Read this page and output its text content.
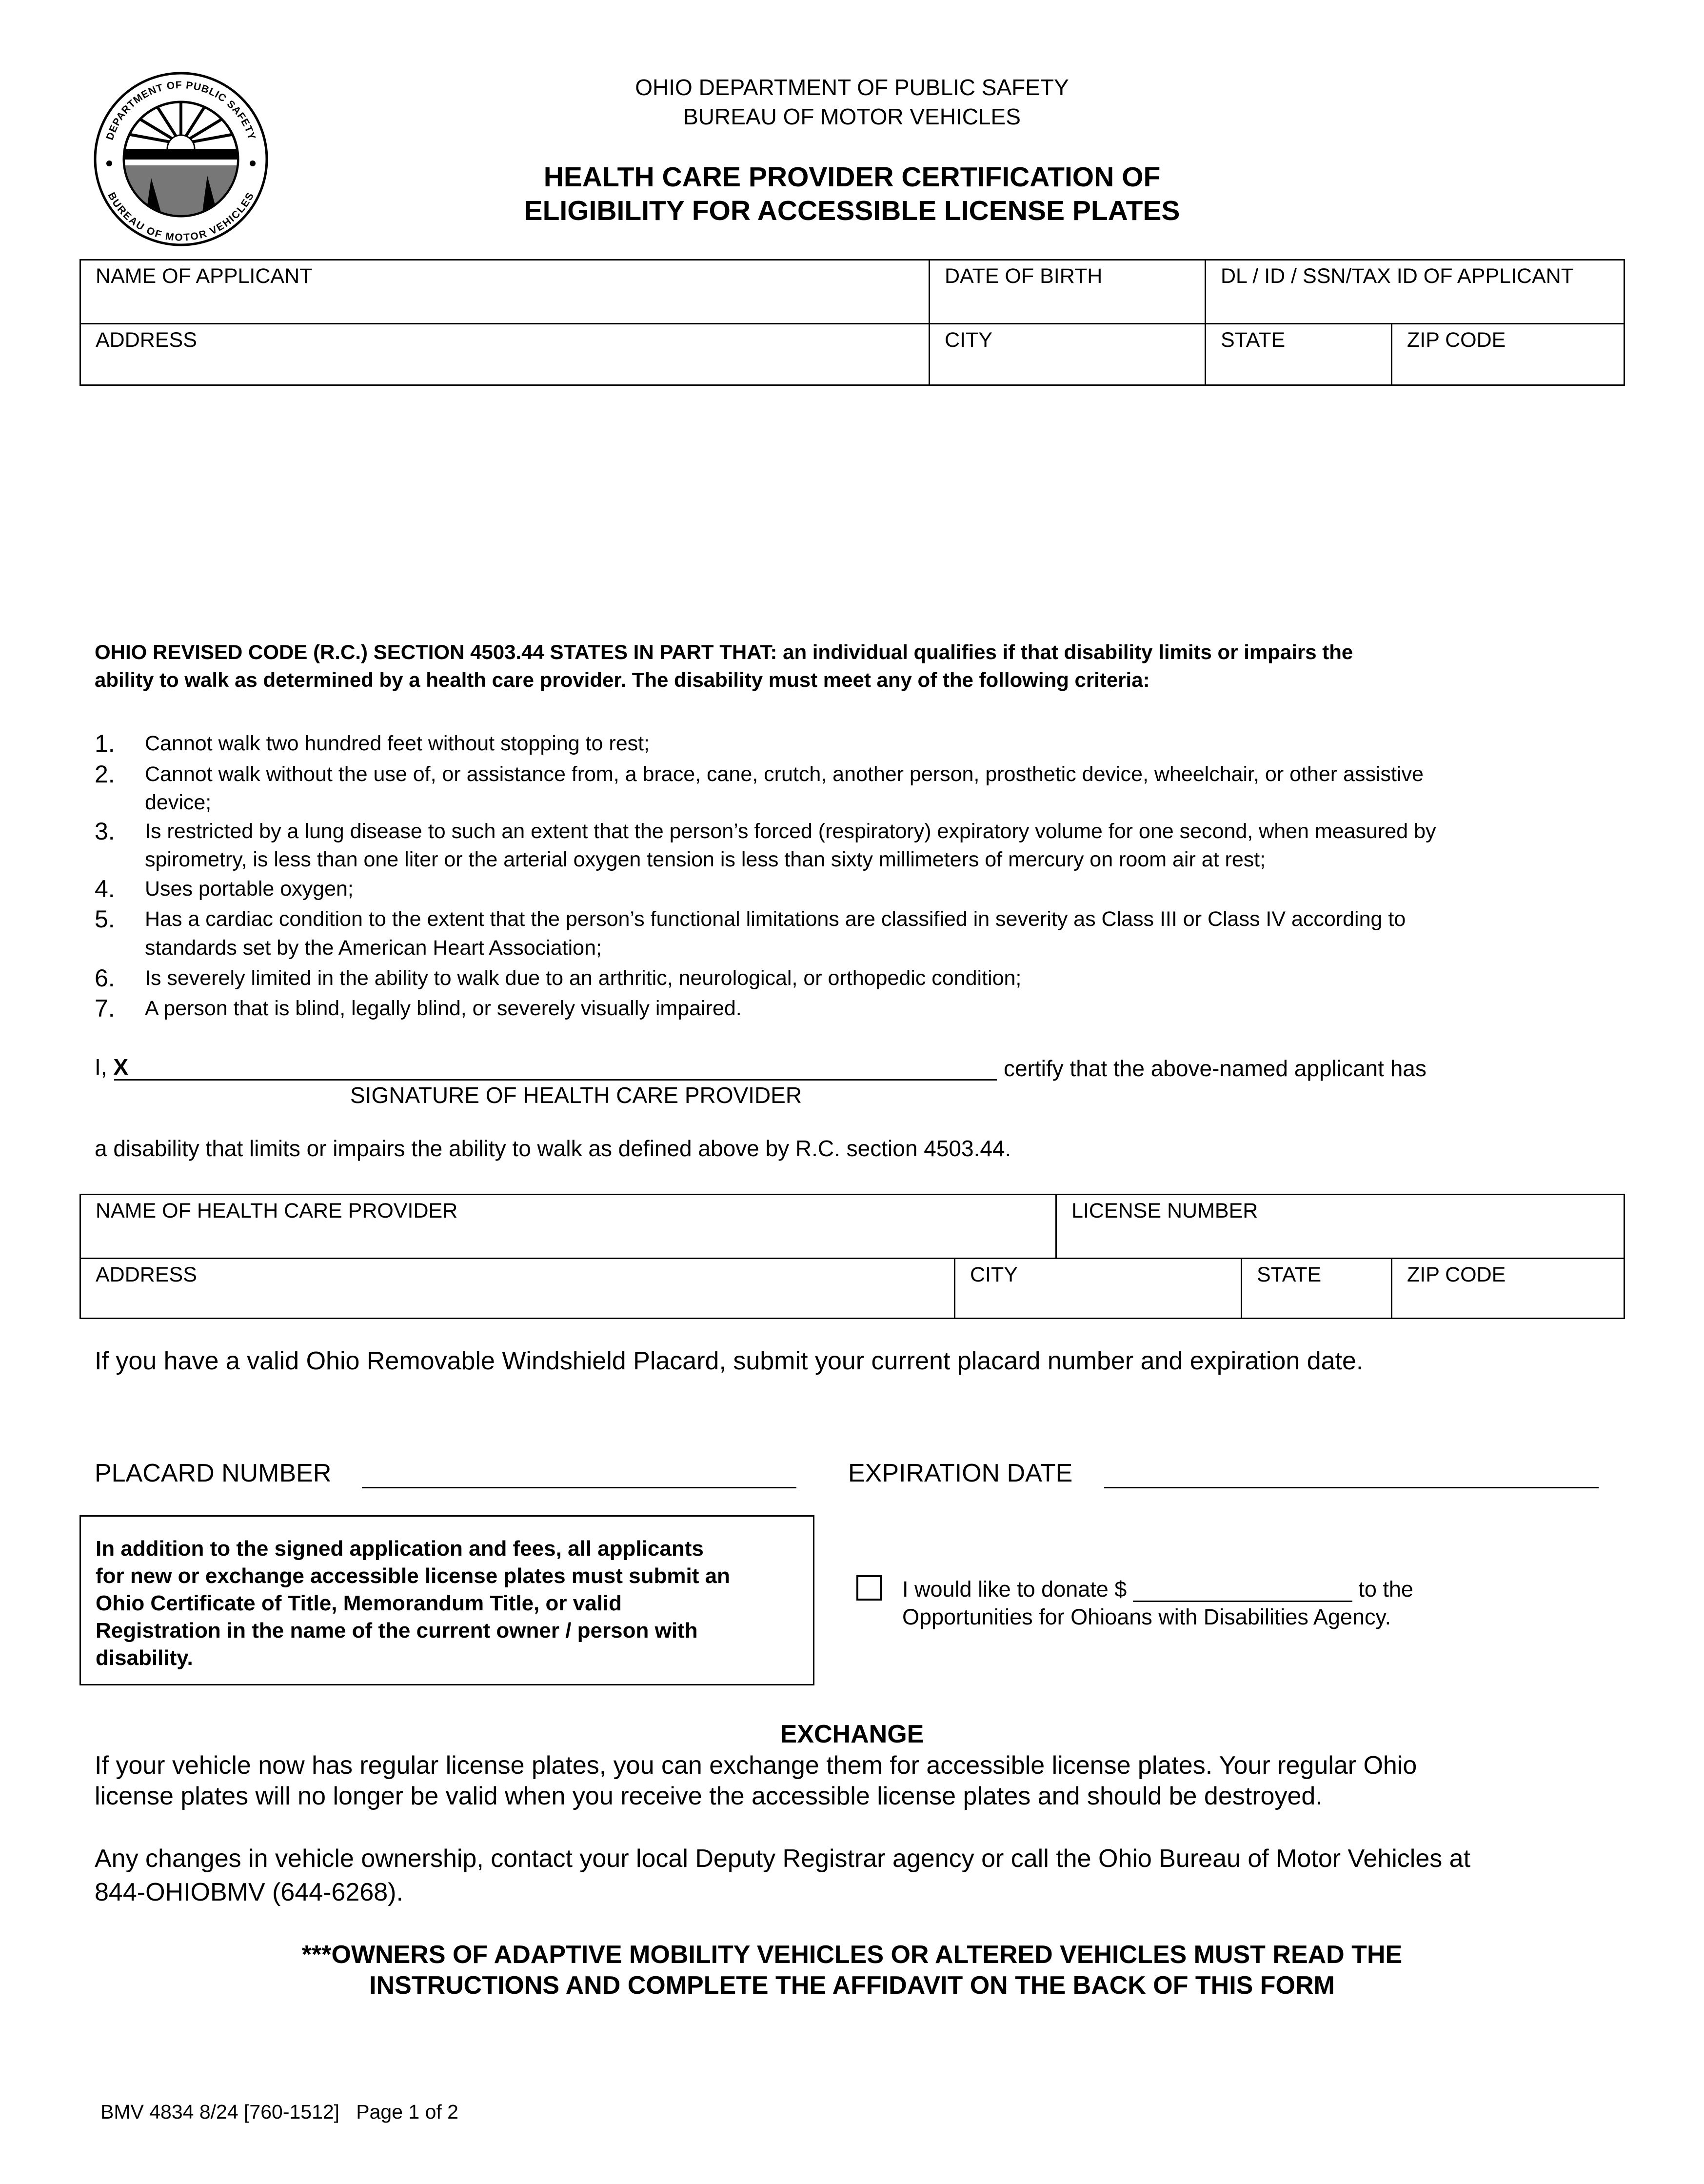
DEPARTMENT OF PUBLIC SAFETY
BUREAU OF MOTOR VEHICLES
OHIO DEPARTMENT OF PUBLIC SAFETY
BUREAU OF MOTOR VEHICLES
HEALTH CARE PROVIDER CERTIFICATION OF
ELIGIBILITY FOR ACCESSIBLE LICENSE PLATES
NAME OF APPLICANT	DATE OF BIRTH	DL / ID / SSN/TAX ID OF APPLICANT
ADDRESS	CITY	STATE	ZIP CODE
OHIO REVISED CODE (R.C.) SECTION 4503.44 STATES IN PART THAT: an individual qualifies if that disability limits or impairs the
ability to walk as determined by a health care provider. The disability must meet any of the following criteria:
1. Cannot walk two hundred feet without stopping to rest;
2. Cannot walk without the use of, or assistance from, a brace, cane, crutch, another person, prosthetic device, wheelchair, or other assistive
device;
3. Is restricted by a lung disease to such an extent that the person’s forced (respiratory) expiratory volume for one second, when measured by
spirometry, is less than one liter or the arterial oxygen tension is less than sixty millimeters of mercury on room air at rest;
4. Uses portable oxygen;
5. Has a cardiac condition to the extent that the person’s functional limitations are classified in severity as Class III or Class IV according to
standards set by the American Heart Association;
6. Is severely limited in the ability to walk due to an arthritic, neurological, or orthopedic condition;
7. A person that is blind, legally blind, or severely visually impaired.
I, X	certify that the above-named applicant has
SIGNATURE OF HEALTH CARE PROVIDER
a disability that limits or impairs the ability to walk as defined above by R.C. section 4503.44.
NAME OF HEALTH CARE PROVIDER	LICENSE NUMBER
ADDRESS	CITY	STATE	ZIP CODE
If you have a valid Ohio Removable Windshield Placard, submit your current placard number and expiration date.
PLACARD NUMBER	EXPIRATION DATE
In addition to the signed application and fees, all applicants
for new or exchange accessible license plates must submit an
Ohio Certificate of Title, Memorandum Title, or valid
Registration in the name of the current owner / person with
disability.
I would like to donate $	to the
Opportunities for Ohioans with Disabilities Agency.
EXCHANGE
If your vehicle now has regular license plates, you can exchange them for accessible license plates. Your regular Ohio
license plates will no longer be valid when you receive the accessible license plates and should be destroyed.
Any changes in vehicle ownership, contact your local Deputy Registrar agency or call the Ohio Bureau of Motor Vehicles at
844-OHIOBMV (644-6268).
***OWNERS OF ADAPTIVE MOBILITY VEHICLES OR ALTERED VEHICLES MUST READ THE
INSTRUCTIONS AND COMPLETE THE AFFIDAVIT ON THE BACK OF THIS FORM
BMV 4834 8/24 [760-1512]   Page 1 of 2
